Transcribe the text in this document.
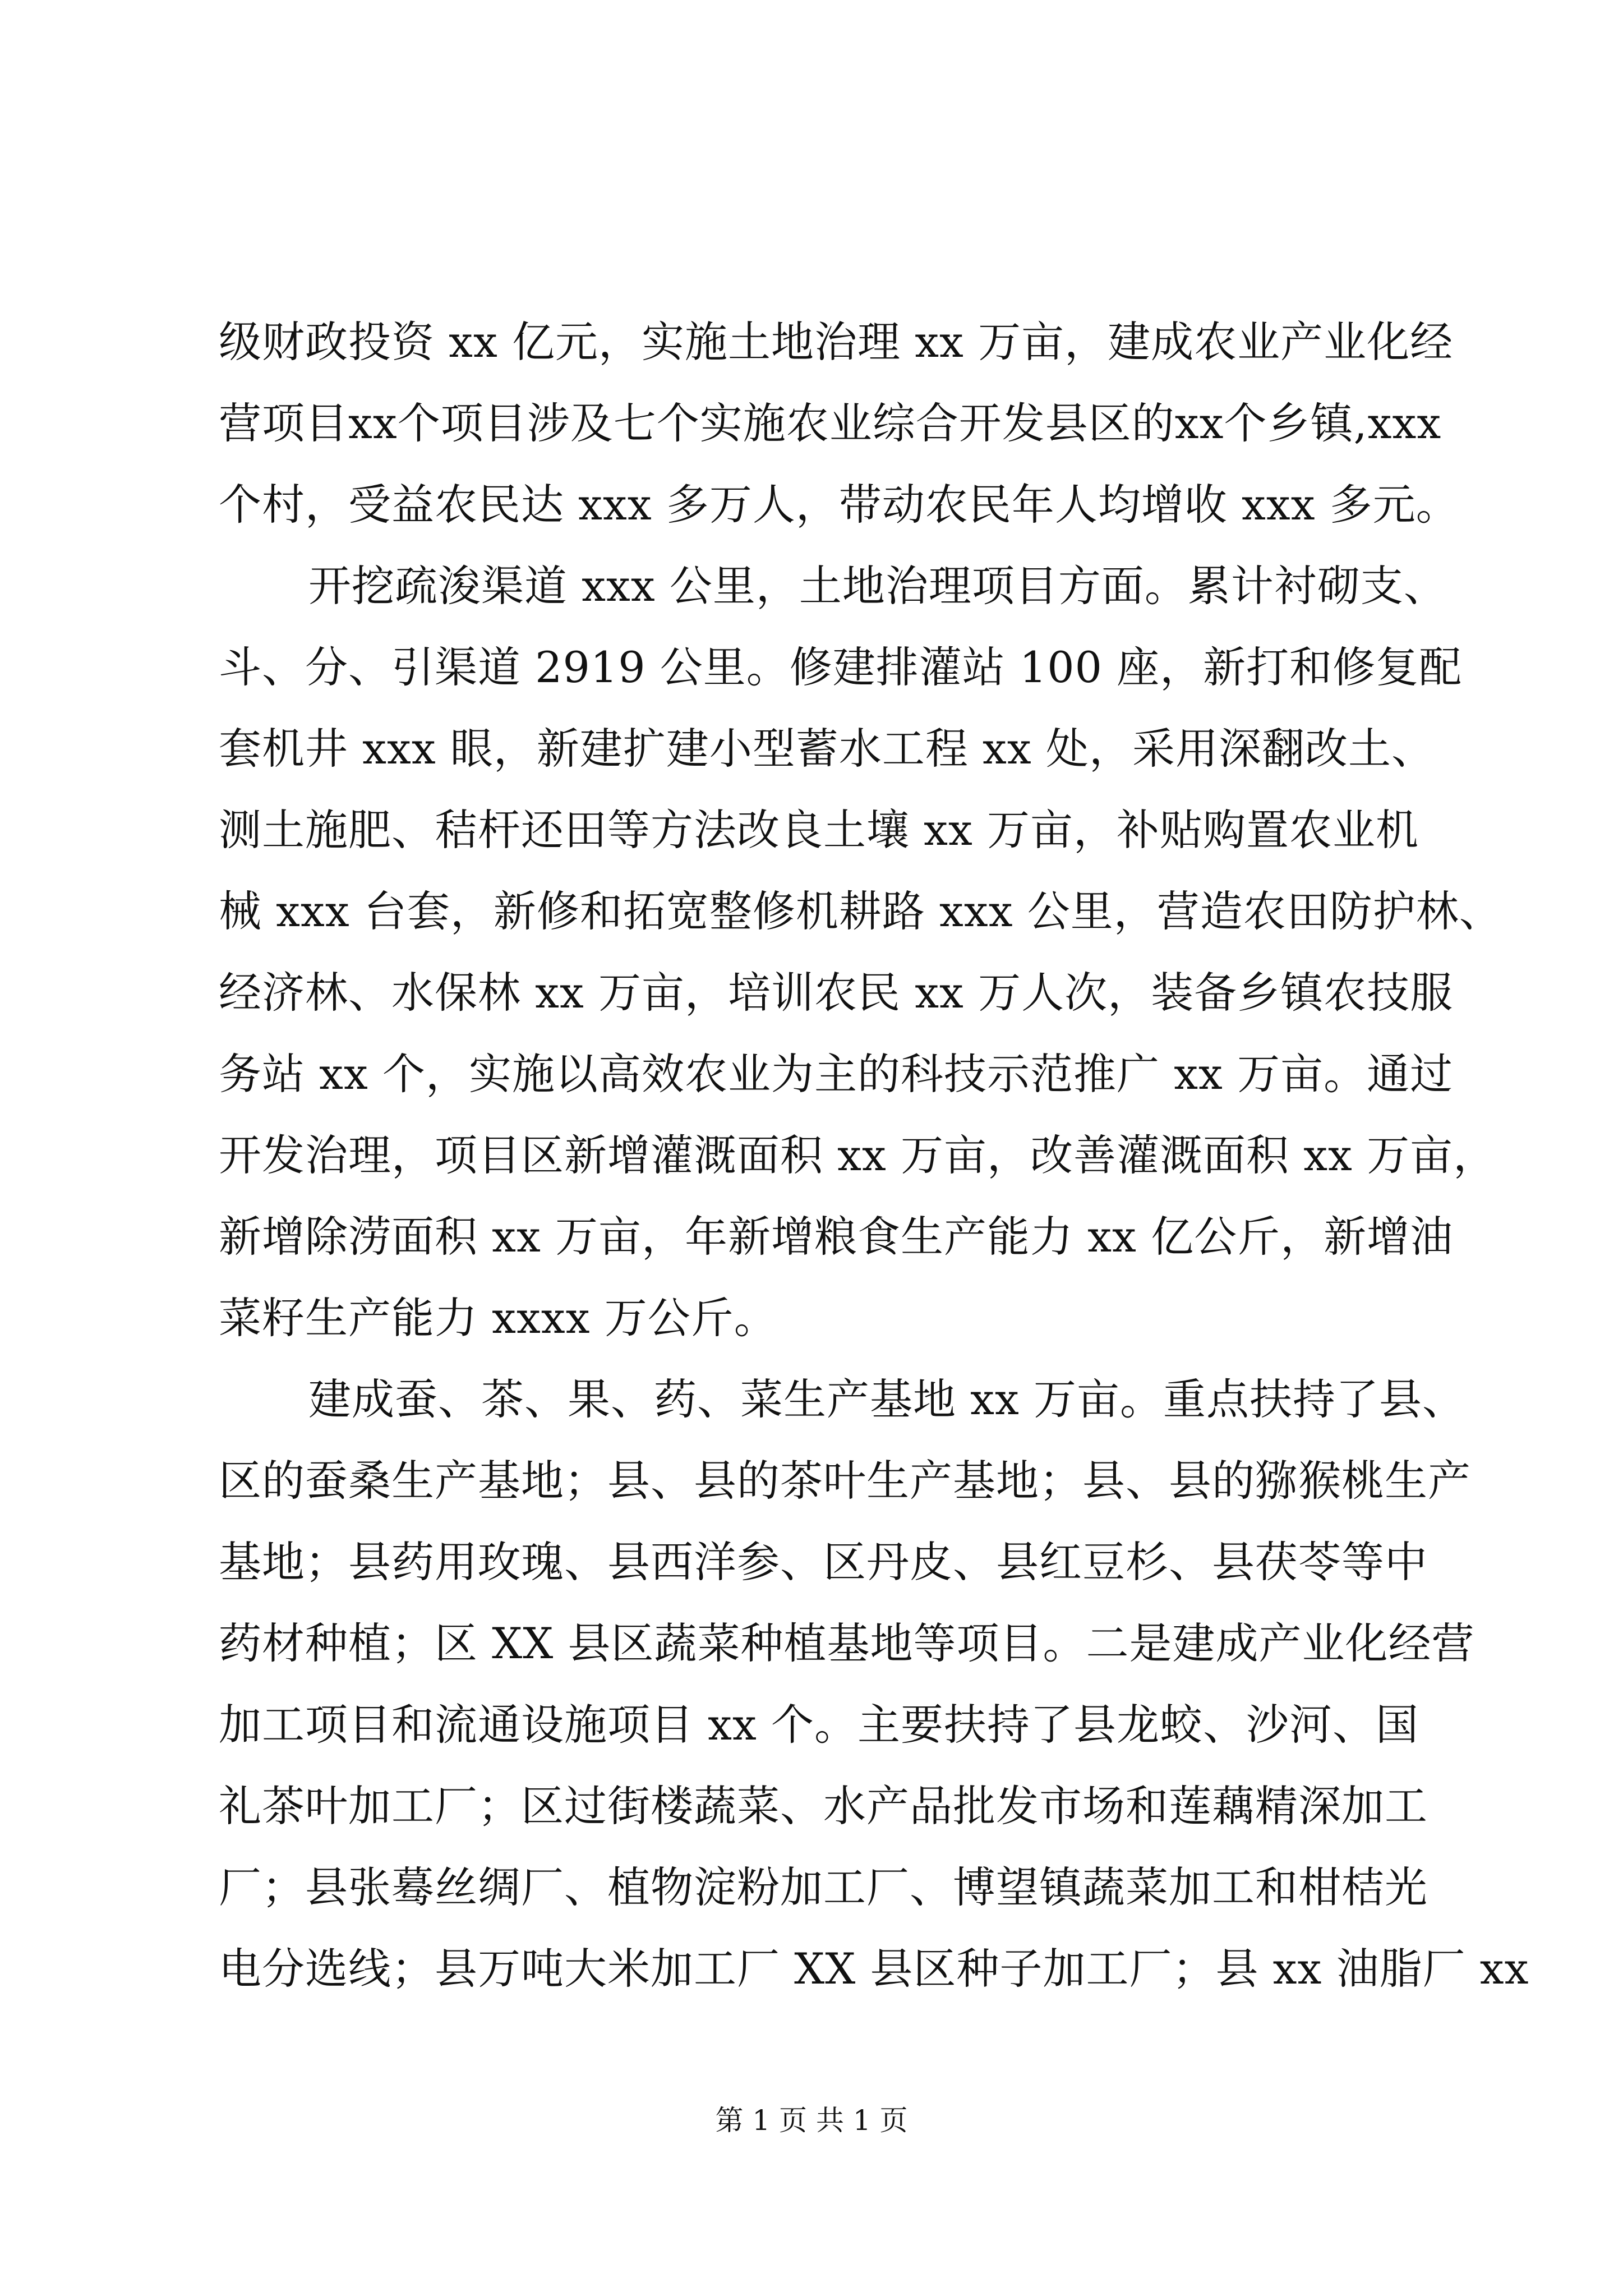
级财政投资 xx 亿元，实施土地治理 xx 万亩，建成农业产业化经
营项目xx个项目涉及七个实施农业综合开发县区的xx个乡镇,xxx
个村，受益农民达 xxx 多万人，带动农民年人均增收 xxx 多元。
开挖疏浚渠道 xxx 公里，土地治理项目方面。累计衬砌支、
斗、分、引渠道 2919 公里。修建排灌站 100 座，新打和修复配
套机井 xxx 眼，新建扩建小型蓄水工程 xx 处，采用深翻改土、
测土施肥、秸杆还田等方法改良土壤 xx 万亩，补贴购置农业机
械 xxx 台套，新修和拓宽整修机耕路 xxx 公里，营造农田防护林、
经济林、水保林 xx 万亩，培训农民 xx 万人次，装备乡镇农技服
务站 xx 个，实施以高效农业为主的科技示范推广 xx 万亩。通过
开发治理，项目区新增灌溉面积 xx 万亩，改善灌溉面积 xx 万亩，
新增除涝面积 xx 万亩，年新增粮食生产能力 xx 亿公斤，新增油
菜籽生产能力 xxxx 万公斤。
建成蚕、茶、果、药、菜生产基地 xx 万亩。重点扶持了县、
区的蚕桑生产基地；县、县的茶叶生产基地；县、县的猕猴桃生产
基地；县药用玫瑰、县西洋参、区丹皮、县红豆杉、县茯苓等中
药材种植；区 XX 县区蔬菜种植基地等项目。二是建成产业化经营
加工项目和流通设施项目 xx 个。主要扶持了县龙蛟、沙河、国
礼茶叶加工厂；区过街楼蔬菜、水产品批发市场和莲藕精深加工
厂；县张蓦丝绸厂、植物淀粉加工厂、博望镇蔬菜加工和柑桔光
电分选线；县万吨大米加工厂 XX 县区种子加工厂；县 xx 油脂厂 xx
第 1 页 共 1 页
